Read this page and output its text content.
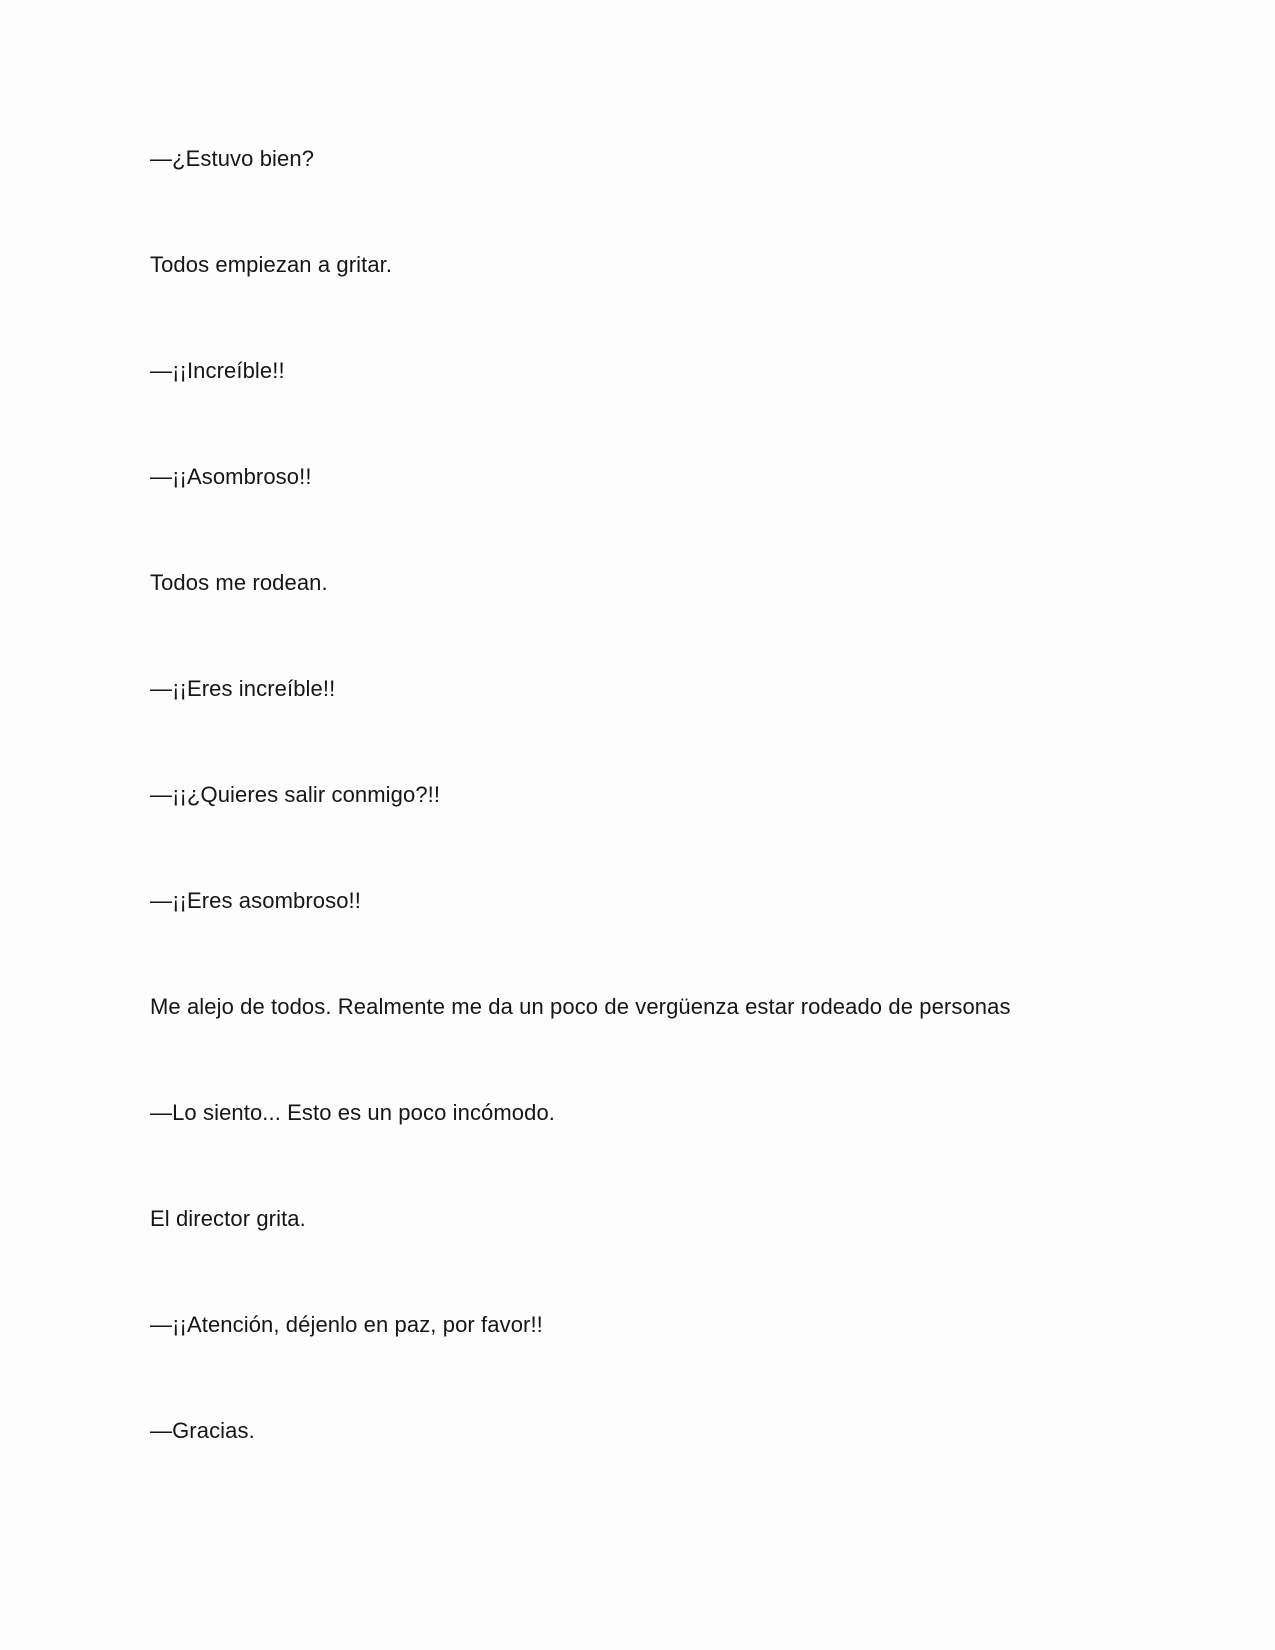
—¿Estuvo bien?
Todos empiezan a gritar.
—¡¡Increíble!!
—¡¡Asombroso!!
Todos me rodean.
—¡¡Eres increíble!!
—¡¡¿Quieres salir conmigo?!!
—¡¡Eres asombroso!!
Me alejo de todos. Realmente me da un poco de vergüenza estar rodeado de personas
—Lo siento... Esto es un poco incómodo.
El director grita.
—¡¡Atención, déjenlo en paz, por favor!!
—Gracias.
